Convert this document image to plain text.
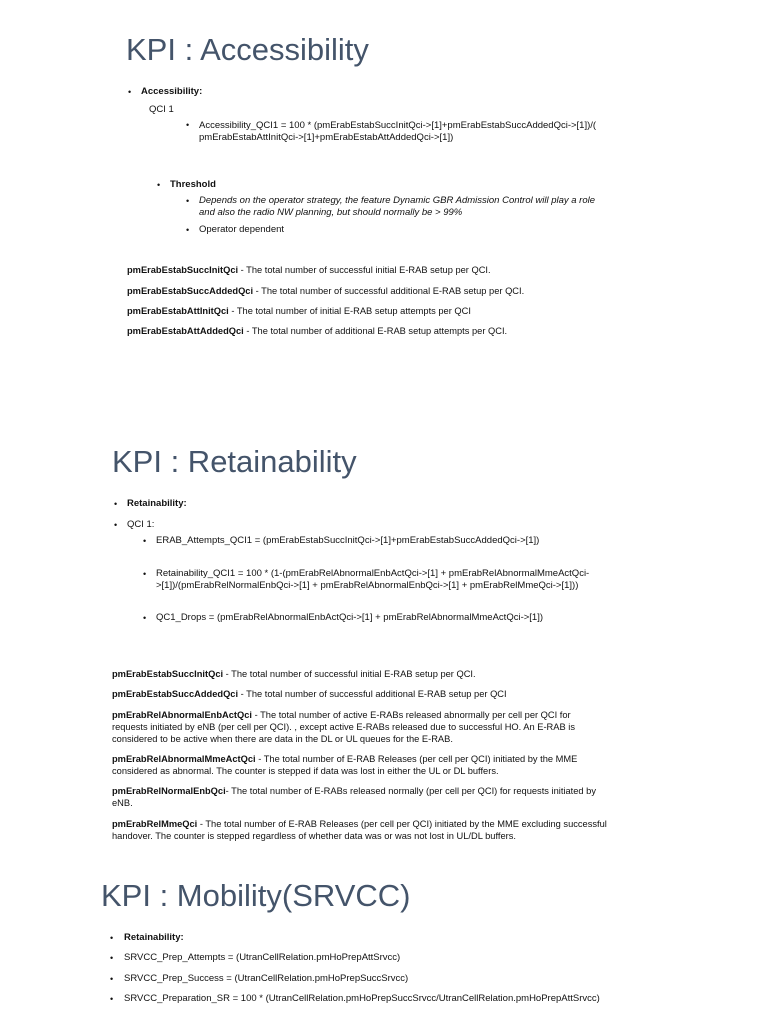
KPI : Accessibility
• Accessibility:
QCI 1
• Accessibility_QCI1 = 100 * (pmErabEstabSuccInitQci->[1]+pmErabEstabSuccAddedQci->[1])/(
pmErabEstabAttInitQci->[1]+pmErabEstabAttAddedQci->[1])
• Threshold
• Depends on the operator strategy, the feature Dynamic GBR Admission Control will play a role
and also the radio NW planning, but should normally be > 99%
• Operator dependent
pmErabEstabSuccInitQci - The total number of successful initial E-RAB setup per QCI.
pmErabEstabSuccAddedQci - The total number of successful additional E-RAB setup per QCI.
pmErabEstabAttInitQci - The total number of initial E-RAB setup attempts per QCI
pmErabEstabAttAddedQci - The total number of additional E-RAB setup attempts per QCI.
KPI : Retainability
• Retainability:
• QCI 1:
• ERAB_Attempts_QCI1 = (pmErabEstabSuccInitQci->[1]+pmErabEstabSuccAddedQci->[1])
• Retainability_QCI1 = 100 * (1-(pmErabRelAbnormalEnbActQci->[1] + pmErabRelAbnormalMmeActQci-
>[1])/(pmErabRelNormalEnbQci->[1] + pmErabRelAbnormalEnbQci->[1] + pmErabRelMmeQci->[1]))
• QC1_Drops = (pmErabRelAbnormalEnbActQci->[1] + pmErabRelAbnormalMmeActQci->[1])
pmErabEstabSuccInitQci - The total number of successful initial E-RAB setup per QCI.
pmErabEstabSuccAddedQci - The total number of successful additional E-RAB setup per QCI
pmErabRelAbnormalEnbActQci - The total number of active E-RABs released abnormally per cell per QCI for
requests initiated by eNB (per cell per QCI). , except active E-RABs released due to successful HO. An E-RAB is
considered to be active when there are data in the DL or UL queues for the E-RAB.
pmErabRelAbnormalMmeActQci - The total number of E-RAB Releases (per cell per QCI) initiated by the MME
considered as abnormal. The counter is stepped if data was lost in either the UL or DL buffers.
pmErabRelNormalEnbQci- The total number of E-RABs released normally (per cell per QCI) for requests initiated by
eNB.
pmErabRelMmeQci - The total number of E-RAB Releases (per cell per QCI) initiated by the MME excluding successful
handover. The counter is stepped regardless of whether data was or was not lost in UL/DL buffers.
KPI : Mobility(SRVCC)
• Retainability:
• SRVCC_Prep_Attempts = (UtranCellRelation.pmHoPrepAttSrvcc)
• SRVCC_Prep_Success = (UtranCellRelation.pmHoPrepSuccSrvcc)
• SRVCC_Preparation_SR = 100 * (UtranCellRelation.pmHoPrepSuccSrvcc/UtranCellRelation.pmHoPrepAttSrvcc)
